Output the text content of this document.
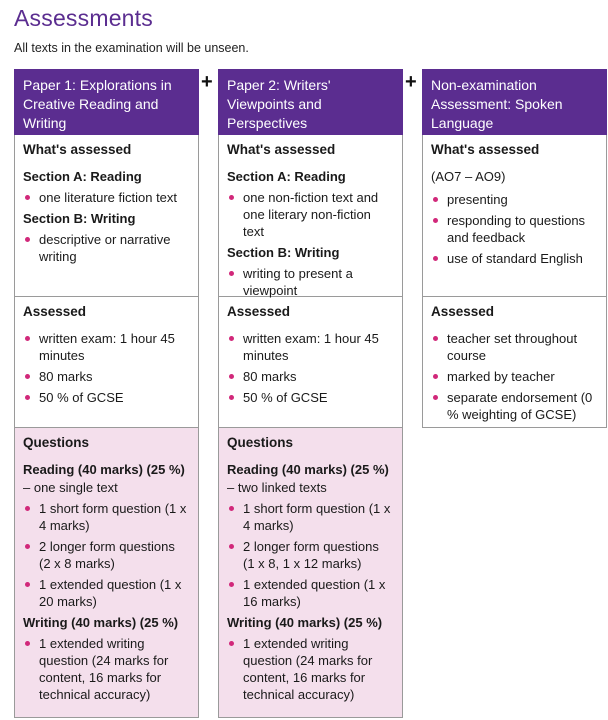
Assessments
All texts in the examination will be unseen.
+	+
Paper 1: Explorations in Creative Reading and Writing
What's assessed
Section A: Reading
one literature fiction text
Section B: Writing
descriptive or narrative writing
Assessed
written exam: 1 hour 45 minutes
80 marks
50 % of GCSE
Questions
Reading (40 marks) (25 %)
– one single text
1 short form question (1 x 4 marks)
2 longer form questions (2 x 8 marks)
1 extended question (1 x 20 marks)
Writing (40 marks) (25 %)
1 extended writing question (24 marks for content, 16 marks for technical accuracy)
Paper 2: Writers' Viewpoints and Perspectives
What's assessed
Section A: Reading
one non-fiction text and one literary non-fiction text
Section B: Writing
writing to present a viewpoint
Assessed
written exam: 1 hour 45 minutes
80 marks
50 % of GCSE
Questions
Reading (40 marks) (25 %)
– two linked texts
1 short form question (1 x 4 marks)
2 longer form questions (1 x 8, 1 x 12 marks)
1 extended question (1 x 16 marks)
Writing (40 marks) (25 %)
1 extended writing question (24 marks for content, 16 marks for technical accuracy)
Non-examination Assessment: Spoken Language
What's assessed
(AO7 – AO9)
presenting
responding to questions and feedback
use of standard English
Assessed
teacher set throughout course
marked by teacher
separate endorsement (0 % weighting of GCSE)
